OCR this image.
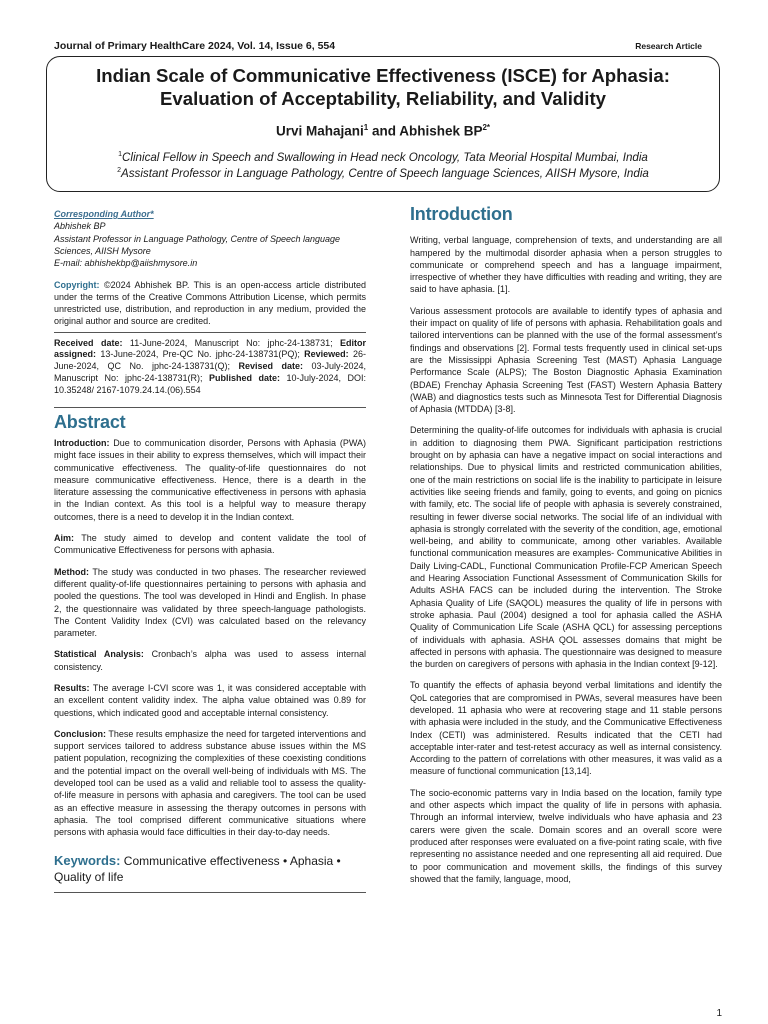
Journal of Primary HealthCare 2024, Vol. 14, Issue 6, 554	Research Article
Indian Scale of Communicative Effectiveness (ISCE) for Aphasia:
Evaluation of Acceptability, Reliability, and Validity
Urvi Mahajani$^1$ and Abhishek $BP^{2*}$
$^1$Clinical Fellow in Speech and Swallowing in Head neck Oncology, Tata Meorial Hospital Mumbai, India
$^2$Assistant Professor in Language Pathology, Centre of Speech language Sciences, AIISH Mysore, India
Corresponding Author*
Abhishek BP
Assistant Professor in Language Pathology, Centre of Speech language Sciences, AIISH Mysore
E-mail: abhishekbp@aiishmysore.in
Copyright: ©2024 Abhishek BP. This is an open-access article distributed under the terms of the Creative Commons Attribution License, which permits unrestricted use, distribution, and reproduction in any medium, provided the original author and source are credited.
Received date: 11-June-2024, Manuscript No: jphc-24-138731; Editor assigned: 13-June-2024, Pre-QC No. jphc-24-138731(PQ); Reviewed: 26-June-2024, QC No. jphc-24-138731(Q); Revised date: 03-July-2024, Manuscript No: jphc-24-138731(R); Published date: 10-July-2024, DOI: 10.35248/ 2167-1079.24.14.(06).554
Abstract

Introduction: Due to communication disorder, Persons with Aphasia (PWA) might face issues in their ability to express themselves, which will impact their communicative effectiveness. The quality-of-life questionnaires do not measure communicative effectiveness. Hence, there is a dearth in the literature assessing the communicative effectiveness in persons with aphasia in the Indian context. As this tool is a helpful way to measure therapy outcomes, there is a need to develop it in the Indian context.

Aim: The study aimed to develop and content validate the tool of Communicative Effectiveness for persons with aphasia.

Method: The study was conducted in two phases. The researcher reviewed different quality-of-life questionnaires pertaining to persons with aphasia and pooled the questions. The tool was developed in Hindi and English. In phase 2, the questionnaire was validated by three speech-language pathologists. The Content Validity Index (CVI) was calculated based on the relevancy parameter.

Statistical Analysis: Cronbach’s alpha was used to assess internal consistency.

Results: The average I-CVI score was 1, it was considered acceptable with an excellent content validity index. The alpha value obtained was 0.89 for questions, which indicated good and acceptable internal consistency.

Conclusion: These results emphasize the need for targeted interventions and support services tailored to address substance abuse issues within the MS patient population, recognizing the complexities of these coexisting conditions and the potential impact on the overall well-being of individuals with MS. The developed tool can be used as a valid and reliable tool to assess the quality-of-life measure in persons with aphasia and caregivers. The tool can be used as an effective measure in assessing the therapy outcomes in persons with aphasia. The tool comprised different communicative situations where persons with aphasia would face difficulties in their day-to-day needs.

Keywords: Communicative effectiveness • Aphasia • Quality of life
Introduction

Writing, verbal language, comprehension of texts, and understanding are all hampered by the multimodal disorder aphasia when a person struggles to communicate or comprehend speech and has a language impairment, irrespective of whether they have difficulties with reading and writing, they are said to have aphasia. [1].

Various assessment protocols are available to identify types of aphasia and their impact on quality of life of persons with aphasia. Rehabilitation goals and tailored interventions can be planned with the use of the formal assessment’s findings and observations [2]. Formal tests frequently used in clinical set-ups are the Mississippi Aphasia Screening Test (MAST) Aphasia Language Performance Scale (ALPS); The Boston Diagnostic Aphasia Examination (BDAE) Frenchay Aphasia Screening Test (FAST) Western Aphasia Battery (WAB) and diagnostics tests such as Minnesota Test for Differential Diagnosis of Aphasia (MTDDA) [3-8].

Determining the quality-of-life outcomes for individuals with aphasia is crucial in addition to diagnosing them PWA. Significant participation restrictions brought on by aphasia can have a negative impact on social interactions and relationships. Due to physical limits and restricted communication abilities, one of the main restrictions on social life is the inability to participate in leisure activities like seeing friends and family, going to events, and going on picnics with family, etc. The social life of people with aphasia is severely constrained, resulting in fewer diverse social networks. The social life of an individual with aphasia is strongly correlated with the severity of the condition, age, emotional well-being, and ability to communicate, among other variables. Available functional communication measures are examples- Communicative Abilities in Daily Living-CADL, Functional Communication Profile-FCP American Speech and Hearing Association Functional Assessment of Communication Skills for Adults ASHA FACS can be included during the intervention. The Stroke Aphasia Quality of Life (SAQOL) measures the quality of life in persons with stroke aphasia. Paul (2004) designed a tool for aphasia called the ASHA Quality of Communication Life Scale (ASHA QCL) for assessing perceptions of individuals with aphasia. ASHA QOL assesses domains that might be affected in persons with aphasia. The questionnaire was designed to measure the burden on caregivers of persons with aphasia in the Indian context [9-12].

To quantify the effects of aphasia beyond verbal limitations and identify the QoL categories that are compromised in PWAs, several measures have been developed. 11 aphasia who were at recovering stage and 11 stable persons with aphasia were included in the study, and the Communicative Effectiveness Index (CETI) was administered. Results indicated that the CETI had acceptable inter-rater and test-retest accuracy as well as internal consistency. According to the pattern of correlations with other measures, it was valid as a measure of functional communication [13,14].

The socio-economic patterns vary in India based on the location, family type and other aspects which impact the quality of life in persons with aphasia. Through an informal interview, twelve individuals who have aphasia and 23 carers were given the scale. Domain scores and an overall score were produced after responses were evaluated on a five-point rating scale, with five representing no assistance needed and one representing all aid required. Due to poor communication and movement skills, the findings of this survey showed that the family, language, mood,

1
